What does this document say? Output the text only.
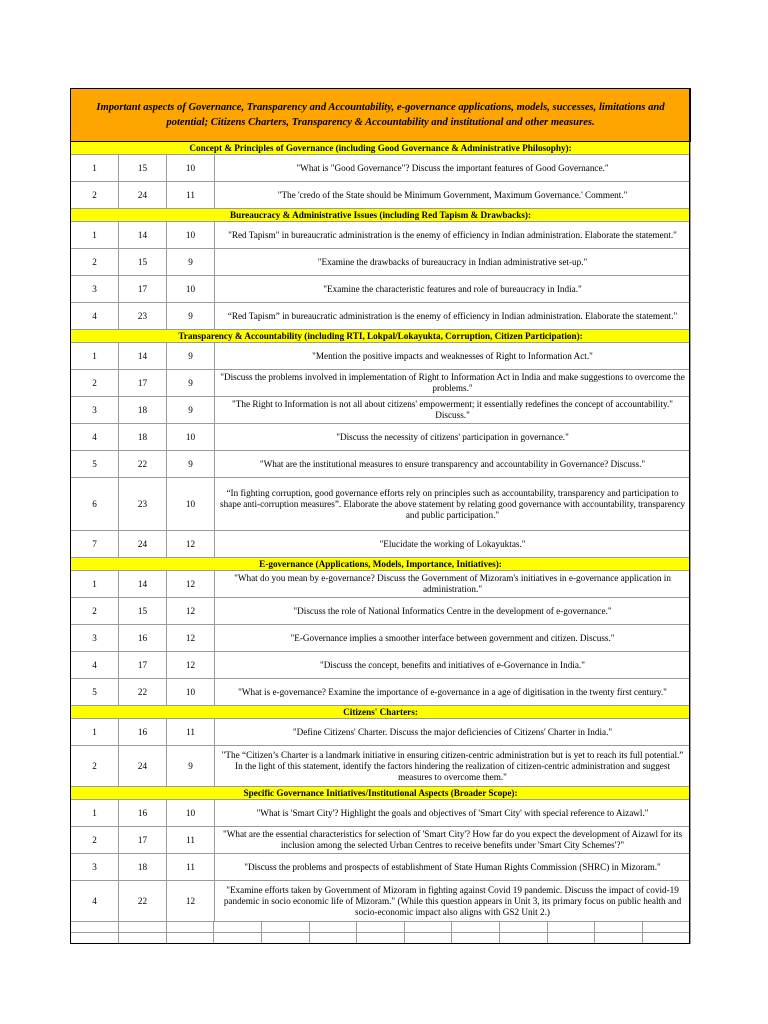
Important aspects of Governance, Transparency and Accountability, e-governance applications, models, successes, limitations and potential; Citizens Charters, Transparency & Accountability and institutional and other measures.
Concept & Principles of Governance (including Good Governance & Administrative Philosophy):
1	15	10	"What is "Good Governance"? Discuss the important features of Good Governance."
2	24	11	"The 'credo of the State should be Minimum Government, Maximum Governance.' Comment."
Bureaucracy & Administrative Issues (including Red Tapism & Drawbacks):
1	14	10	"Red Tapism" in bureaucratic administration is the enemy of efficiency in Indian administration. Elaborate the statement."
2	15	9	"Examine the drawbacks of bureaucracy in Indian administrative set-up."
3	17	10	"Examine the characteristic features and role of bureaucracy in India."
4	23	9	“Red Tapism” in bureaucratic administration is the enemy of efficiency in Indian administration. Elaborate the statement."
Transparency & Accountability (including RTI, Lokpal/Lokayukta, Corruption, Citizen Participation):
1	14	9	"Mention the positive impacts and weaknesses of Right to Information Act."
2	17	9	"Discuss the problems involved in implementation of Right to Information Act in India and make suggestions to overcome the problems."
3	18	9	"The Right to Information is not all about citizens' empowerment; it essentially redefines the concept of accountability." Discuss."
4	18	10	"Discuss the necessity of citizens' participation in governance."
5	22	9	"What are the institutional measures to ensure transparency and accountability in Governance? Discuss."
6	23	10	“In fighting corruption, good governance efforts rely on principles such as accountability, transparency and participation to shape anti-corruption measures”. Elaborate the above statement by relating good governance with accountability, transparency and public participation."
7	24	12	"Elucidate the working of Lokayuktas."
E-governance (Applications, Models, Importance, Initiatives):
1	14	12	"What do you mean by e-governance? Discuss the Government of Mizoram's initiatives in e-governance application in administration."
2	15	12	"Discuss the role of National Informatics Centre in the development of e-governance."
3	16	12	"E-Governance implies a smoother interface between government and citizen. Discuss."
4	17	12	"Discuss the concept, benefits and initiatives of e-Governance in India."
5	22	10	"What is e-governance? Examine the importance of e-governance in a age of digitisation in the twenty first century."
Citizens' Charters:
1	16	11	"Define Citizens' Charter. Discuss the major deficiencies of Citizens' Charter in India."
2	24	9	"The “Citizen’s Charter is a landmark initiative in ensuring citizen-centric administration but is yet to reach its full potential.” In the light of this statement, identify the factors hindering the realization of citizen-centric administration and suggest measures to overcome them."
Specific Governance Initiatives/Institutional Aspects (Broader Scope):
1	16	10	"What is 'Smart City'? Highlight the goals and objectives of 'Smart City' with special reference to Aizawl."
2	17	11	"What are the essential characteristics for selection of 'Smart City'? How far do you expect the development of Aizawl for its inclusion among the selected Urban Centres to receive benefits under 'Smart City Schemes'?"
3	18	11	"Discuss the problems and prospects of establishment of State Human Rights Commission (SHRC) in Mizoram."
4	22	12	"Examine efforts taken by Government of Mizoram in fighting against Covid 19 pandemic. Discuss the impact of covid-19 pandemic in socio economic life of Mizoram." (While this question appears in Unit 3, its primary focus on public health and socio-economic impact also aligns with GS2 Unit 2.)
